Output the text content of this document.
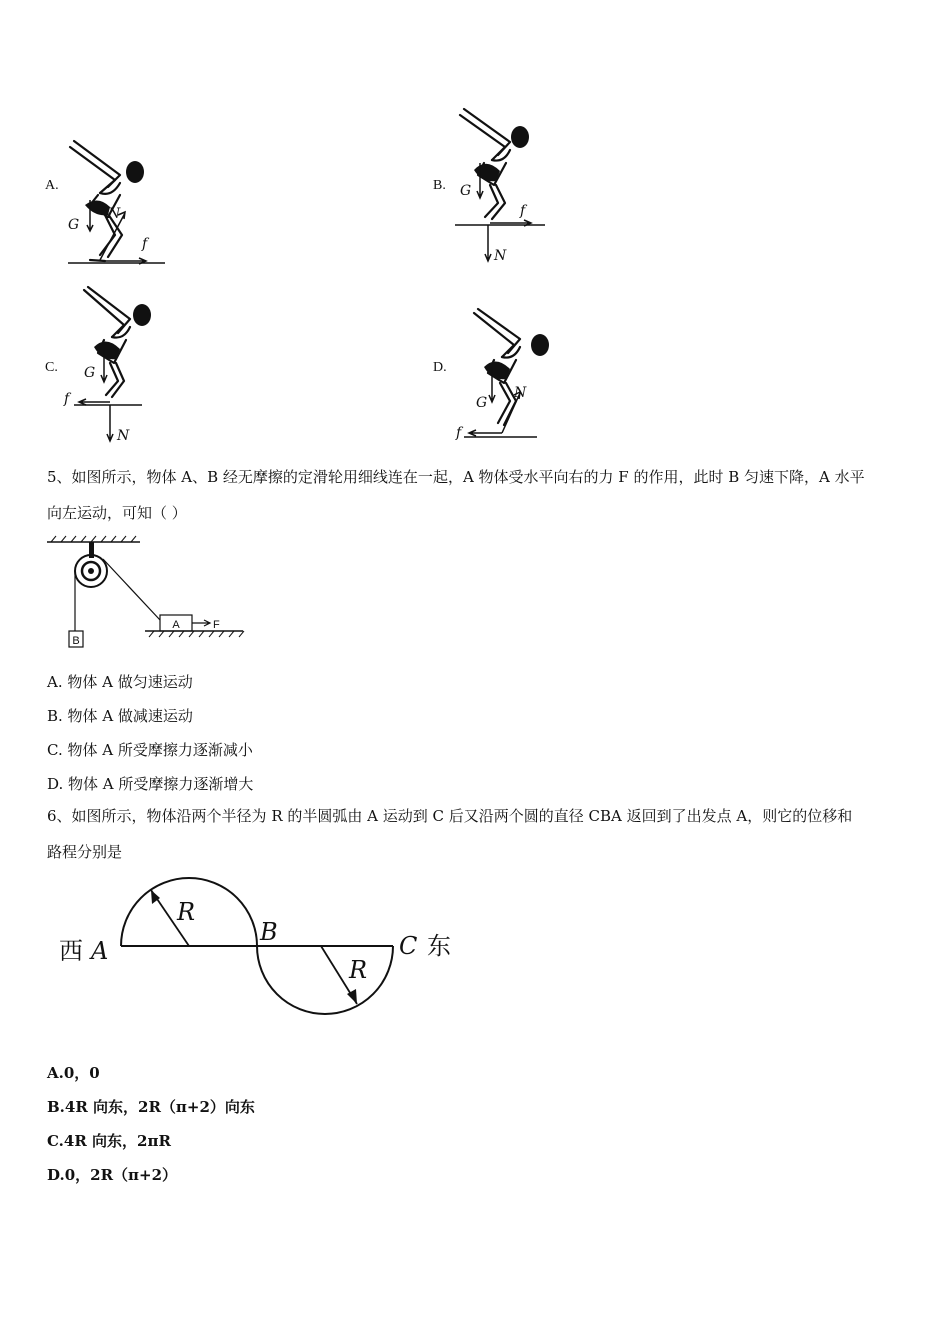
A.
G
N
f
B. G
f
N
C. G
f
N
D.
G
N
f
5、如图所示，物体 A、B 经无摩擦的定滑轮用细线连在一起，A 物体受水平向右的力 F 的作用，此时 B 匀速下降，A 水平
向左运动，可知（ ）
B
A	F
A. 物体 A 做匀速运动
B. 物体 A 做减速运动
C. 物体 A 所受摩擦力逐渐减小
D. 物体 A 所受摩擦力逐渐增大
6、如图所示，物体沿两个半径为 R 的半圆弧由 A 运动到 C 后又沿两个圆的直径 CBA 返回到了出发点 A，则它的位移和
路程分别是
西 A
B	C 东
R
R
A.0，0
B.4R 向东，2R（π+2）向东
C.4R 向东，2πR
D.0，2R（π+2）
